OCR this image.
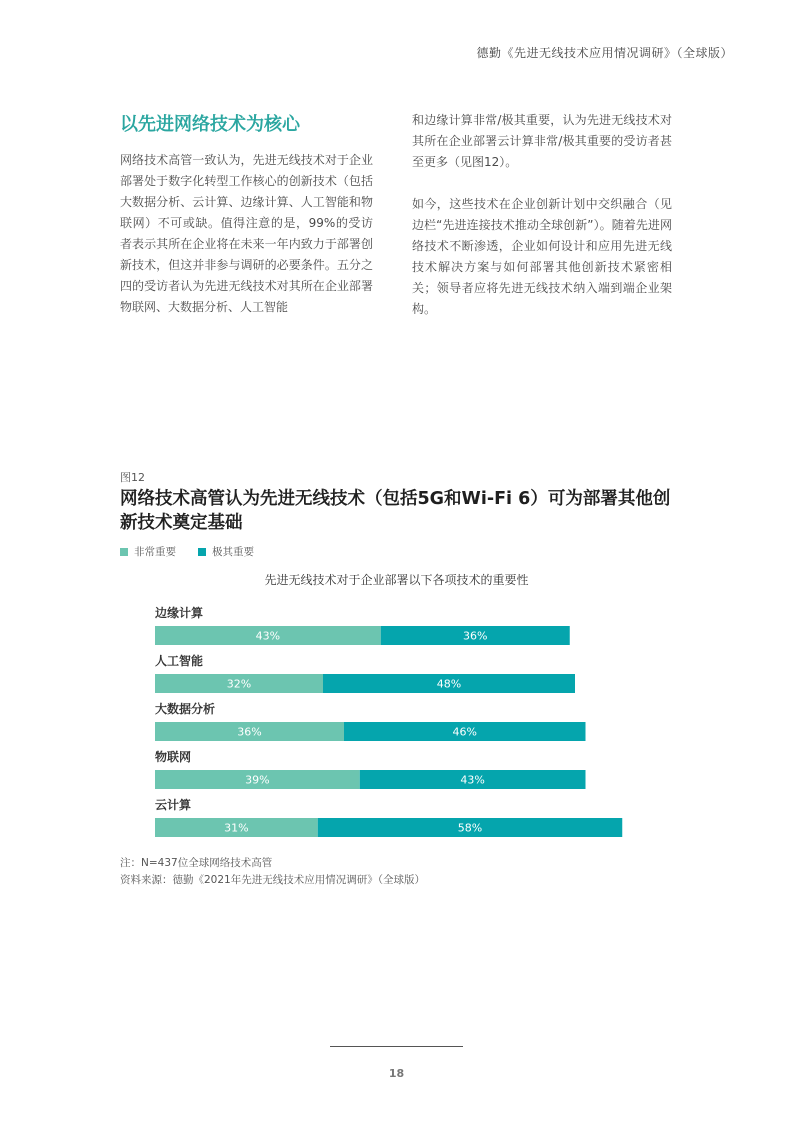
德勤《先进无线技术应用情况调研》（全球版）
以先进网络技术为核心

网络技术高管一致认为，先进无线技术对于企业部署处于数字化转型工作核心的创新技术（包括大数据分析、云计算、边缘计算、人工智能和物联网）不可或缺。值得注意的是，99%的受访者表示其所在企业将在未来一年内致力于部署创新技术，但这并非参与调研的必要条件。五分之四的受访者认为先进无线技术对其所在企业部署物联网、大数据分析、人工智能

和边缘计算非常/极其重要，认为先进无线技术对其所在企业部署云计算非常/极其重要的受访者甚至更多（见图12）。

如今，这些技术在企业创新计划中交织融合（见边栏“先进连接技术推动全球创新”）。随着先进网络技术不断渗透，企业如何设计和应用先进无线技术解决方案与如何部署其他创新技术紧密相关；领导者应将先进无线技术纳入端到端企业架构。

图12
网络技术高管认为先进无线技术（包括5G和Wi-Fi 6）可为部署其他创新技术奠定基础
非常重要	极其重要
先进无线技术对于企业部署以下各项技术的重要性
边缘计算
43%	36%
人工智能
32%	48%
大数据分析
36%	46%
物联网
39%	43%
云计算
31%	58%
注：N=437位全球网络技术高管
资料来源：德勤《2021年先进无线技术应用情况调研》（全球版）
18
